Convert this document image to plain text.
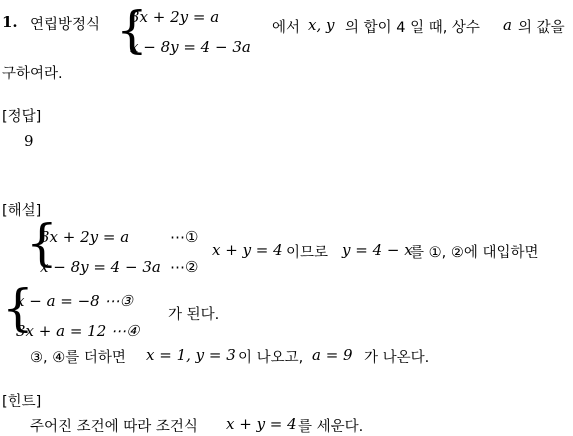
1. 연립방정식 {
3x + 2y = a
x − 8y = 4 − 3a
에서 x, y 의 합이 4 일 때, 상수 a 의 값을
구하여라.
[정답]
9
[해설]
{
3x + 2y = a	⋯①
x − 8y = 4 − 3a ⋯②
x + y = 4 이므로 y = 4 − x
를 ①, ②에 대입하면
{
x − a = −8 ⋯③
3x + a = 12 ⋯④
가 된다.
③, ④를 더하면 x = 1, y = 3 이 나오고, a = 9 가 나온다.
[힌트]
주어진 조건에 따라 조건식 x + y = 4 를 세운다.
